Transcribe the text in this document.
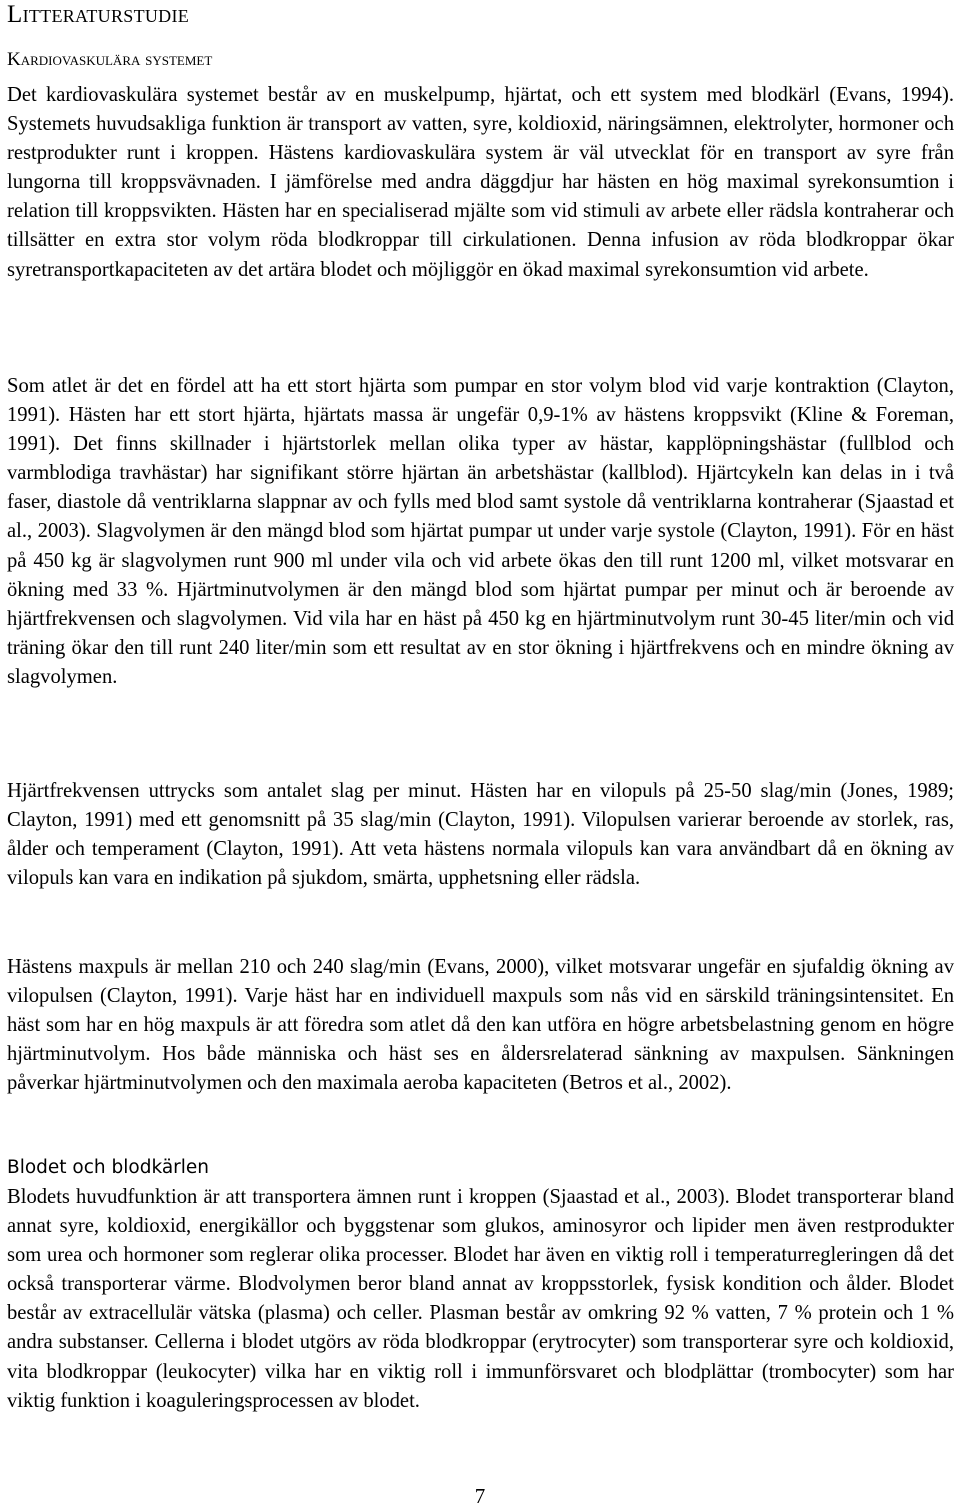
Litteraturstudie
Kardiovaskulära systemet

Det kardiovaskulära systemet består av en muskelpump, hjärtat, och ett system med blodkärl (Evans, 1994). Systemets huvudsakliga funktion är transport av vatten, syre, koldioxid, näringsämnen, elektrolyter, hormoner och restprodukter runt i kroppen. Hästens kardiovaskulära system är väl utvecklat för en transport av syre från lungorna till kroppsvävnaden. I jämförelse med andra däggdjur har hästen en hög maximal syrekonsumtion i relation till kroppsvikten. Hästen har en specialiserad mjälte som vid stimuli av arbete eller rädsla kontraherar och tillsätter en extra stor volym röda blodkroppar till cirkulationen. Denna infusion av röda blodkroppar ökar syretransportkapaciteten av det artära blodet och möjliggör en ökad maximal syrekonsumtion vid arbete.

Som atlet är det en fördel att ha ett stort hjärta som pumpar en stor volym blod vid varje kontraktion (Clayton, 1991). Hästen har ett stort hjärta, hjärtats massa är ungefär 0,9-1% av hästens kroppsvikt (Kline & Foreman, 1991). Det finns skillnader i hjärtstorlek mellan olika typer av hästar, kapplöpningshästar (fullblod och varmblodiga travhästar) har signifikant större hjärtan än arbetshästar (kallblod). Hjärtcykeln kan delas in i två faser, diastole då ventriklarna slappnar av och fylls med blod samt systole då ventriklarna kontraherar (Sjaastad et al., 2003). Slagvolymen är den mängd blod som hjärtat pumpar ut under varje systole (Clayton, 1991). För en häst på 450 kg är slagvolymen runt 900 ml under vila och vid arbete ökas den till runt 1200 ml, vilket motsvarar en ökning med 33 %. Hjärtminutvolymen är den mängd blod som hjärtat pumpar per minut och är beroende av hjärtfrekvensen och slagvolymen. Vid vila har en häst på 450 kg en hjärtminutvolym runt 30-45 liter/min och vid träning ökar den till runt 240 liter/min som ett resultat av en stor ökning i hjärtfrekvens och en mindre ökning av slagvolymen.

Hjärtfrekvensen uttrycks som antalet slag per minut. Hästen har en vilopuls på 25-50 slag/min (Jones, 1989; Clayton, 1991) med ett genomsnitt på 35 slag/min (Clayton, 1991). Vilopulsen varierar beroende av storlek, ras, ålder och temperament (Clayton, 1991). Att veta hästens normala vilopuls kan vara användbart då en ökning av vilopuls kan vara en indikation på sjukdom, smärta, upphetsning eller rädsla.

Hästens maxpuls är mellan 210 och 240 slag/min (Evans, 2000), vilket motsvarar ungefär en sjufaldig ökning av vilopulsen (Clayton, 1991). Varje häst har en individuell maxpuls som nås vid en särskild träningsintensitet. En häst som har en hög maxpuls är att föredra som atlet då den kan utföra en högre arbetsbelastning genom en högre hjärtminutvolym. Hos både människa och häst ses en åldersrelaterad sänkning av maxpulsen. Sänkningen påverkar hjärtminutvolymen och den maximala aeroba kapaciteten (Betros et al., 2002).

Blodet och blodkärlen

Blodets huvudfunktion är att transportera ämnen runt i kroppen (Sjaastad et al., 2003). Blodet transporterar bland annat syre, koldioxid, energikällor och byggstenar som glukos, aminosyror och lipider men även restprodukter som urea och hormoner som reglerar olika processer. Blodet har även en viktig roll i temperaturregleringen då det också transporterar värme. Blodvolymen beror bland annat av kroppsstorlek, fysisk kondition och ålder. Blodet består av extracellulär vätska (plasma) och celler. Plasman består av omkring 92 % vatten, 7 % protein och 1 % andra substanser. Cellerna i blodet utgörs av röda blodkroppar (erytrocyter) som transporterar syre och koldioxid, vita blodkroppar (leukocyter) vilka har en viktig roll i immunförsvaret och blodplättar (trombocyter) som har viktig funktion i koaguleringsprocessen av blodet.

7
